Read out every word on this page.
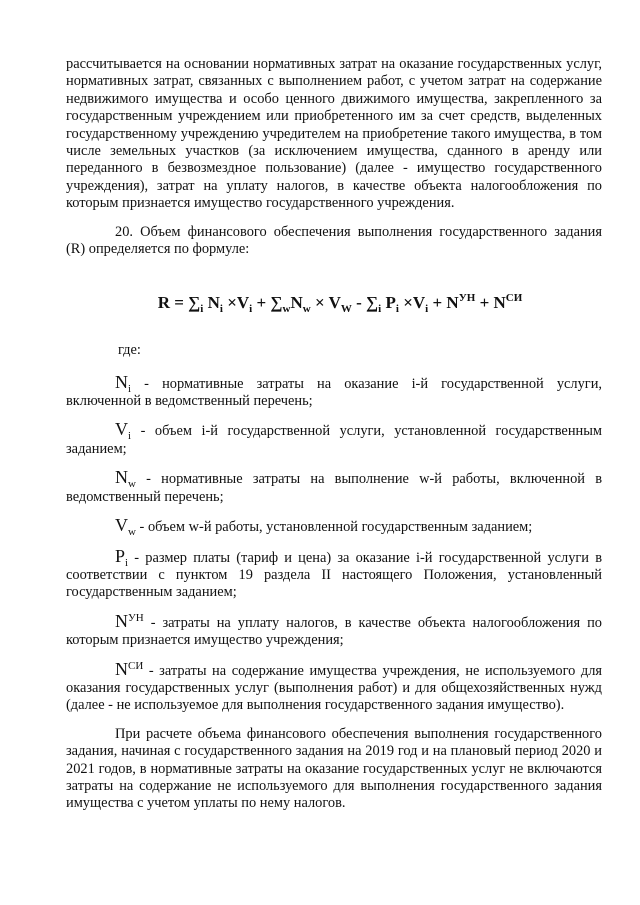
рассчитывается на основании нормативных затрат на оказание государственных услуг, нормативных затрат, связанных с выполнением работ, с учетом затрат на содержание недвижимого имущества и особо ценного движимого имущества, закрепленного за государственным учреждением или приобретенного им за счет средств, выделенных государственному учреждению учредителем на приобретение такого имущества, в том числе земельных участков (за исключением имущества, сданного в аренду или переданного в безвозмездное пользование) (далее - имущество государственного учреждения), затрат на уплату налогов, в качестве объекта налогообложения по которым признается имущество государственного учреждения.

20. Объем финансового обеспечения выполнения государственного задания (R) определяется по формуле:

$R = \sum_i$ $N_i \times V_i + \sum_wN_w \times V_W - \sum_i$ $P_i \times V_i + N^{УН} + N^{СИ}$

где:

$N_i$ - нормативные затраты на оказание i-й государственной услуги, включенной в ведомственный перечень;

$V_i$ - объем i-й государственной услуги, установленной государственным заданием;

$N_w$ - нормативные затраты на выполнение w-й работы, включенной в ведомственный перечень;

$V_w$ - объем w-й работы, установленной государственным заданием;

$P_i$ - размер платы (тариф и цена) за оказание i-й государственной услуги в соответствии с пунктом 19 раздела II настоящего Положения, установленный государственным заданием;

$N^{УН}$ - затраты на уплату налогов, в качестве объекта налогообложения по которым признается имущество учреждения;

$N^{СИ}$ - затраты на содержание имущества учреждения, не используемого для оказания государственных услуг (выполнения работ) и для общехозяйственных нужд (далее - не используемое для выполнения государственного задания имущество).

При расчете объема финансового обеспечения выполнения государственного задания, начиная с государственного задания на 2019 год и на плановый период 2020 и 2021 годов, в нормативные затраты на оказание государственных услуг не включаются затраты на содержание не используемого для выполнения государственного задания имущества с учетом уплаты по нему налогов.
